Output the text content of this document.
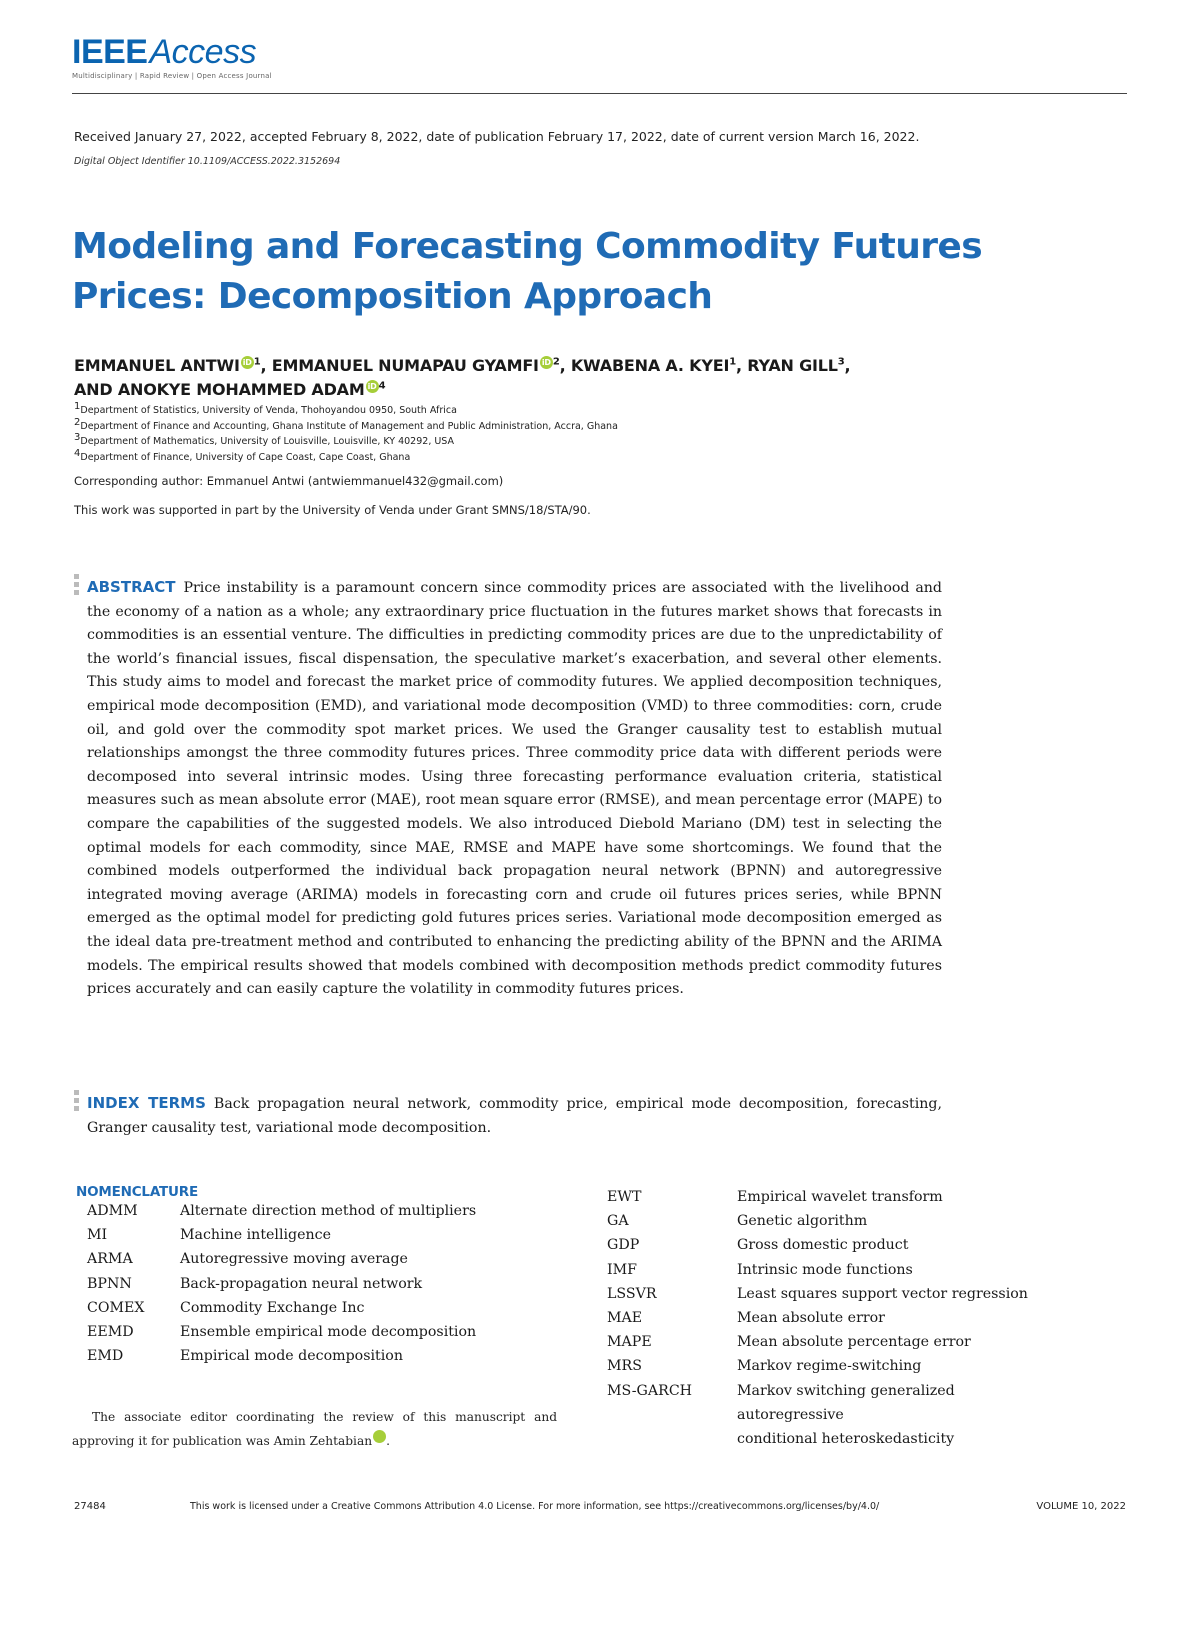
IEEEAccess
Multidisciplinary | Rapid Review | Open Access Journal
Received January 27, 2022, accepted February 8, 2022, date of publication February 17, 2022, date of current version March 16, 2022.
Digital Object Identifier 10.1109/ACCESS.2022.3152694
Modeling and Forecasting Commodity Futures
Prices: Decomposition Approach
EMMANUEL ANTWI iD $^1$, EMMANUEL NUMAPAU GYAMFI iD $^2$, KWABENA A. KYEI$^1$, RYAN GILL$^3$,
AND ANOKYE MOHAMMED ADAM iD $^4$
1Department of Statistics, University of Venda, Thohoyandou 0950, South Africa
2Department of Finance and Accounting, Ghana Institute of Management and Public Administration, Accra, Ghana
3Department of Mathematics, University of Louisville, Louisville, KY 40292, USA
4Department of Finance, University of Cape Coast, Cape Coast, Ghana
Corresponding author: Emmanuel Antwi (antwiemmanuel432@gmail.com)
This work was supported in part by the University of Venda under Grant SMNS/18/STA/90.

ABSTRACT Price instability is a paramount concern since commodity prices are associated with the livelihood and the economy of a nation as a whole; any extraordinary price fluctuation in the futures market shows that forecasts in commodities is an essential venture. The difficulties in predicting commodity prices are due to the unpredictability of the world’s financial issues, fiscal dispensation, the speculative market’s exacerbation, and several other elements. This study aims to model and forecast the market price of commodity futures. We applied decomposition techniques, empirical mode decomposition (EMD), and variational mode decomposition (VMD) to three commodities: corn, crude oil, and gold over the commodity spot market prices. We used the Granger causality test to establish mutual relationships amongst the three commodity futures prices. Three commodity price data with different periods were decomposed into several intrinsic modes. Using three forecasting performance evaluation criteria, statistical measures such as mean absolute error (MAE), root mean square error (RMSE), and mean percentage error (MAPE) to compare the capabilities of the suggested models. We also introduced Diebold Mariano (DM) test in selecting the optimal models for each commodity, since MAE, RMSE and MAPE have some shortcomings. We found that the combined models outperformed the individual back propagation neural network (BPNN) and autoregressive integrated moving average (ARIMA) models in forecasting corn and crude oil futures prices series, while BPNN emerged as the optimal model for predicting gold futures prices series. Variational mode decomposition emerged as the ideal data pre-treatment method and contributed to enhancing the predicting ability of the BPNN and the ARIMA models. The empirical results showed that models combined with decomposition methods predict commodity futures prices accurately and can easily capture the volatility in commodity futures prices.

INDEX TERMS Back propagation neural network, commodity price, empirical mode decomposition, forecasting, Granger causality test, variational mode decomposition.

NOMENCLATURE
ADMM	Alternate direction method of multipliers
MI	Machine intelligence
ARMA	Autoregressive moving average
BPNN	Back-propagation neural network
COMEX	Commodity Exchange Inc
EEMD	Ensemble empirical mode decomposition
EMD	Empirical mode decomposition
EWT	Empirical wavelet transform
GA	Genetic algorithm
GDP	Gross domestic product
IMF	Intrinsic mode functions
LSSVR	Least squares support vector regression
MAE	Mean absolute error
MAPE	Mean absolute percentage error
MRS	Markov regime-switching
MS-GARCH	Markov switching generalized
autoregressive
conditional heteroskedasticity

The associate editor coordinating the review of this manuscript and approving it for publication was Amin Zehtabian	iD.

27484	This work is licensed under a Creative Commons Attribution 4.0 License. For more information, see https://creativecommons.org/licenses/by/4.0/	VOLUME 10, 2022
